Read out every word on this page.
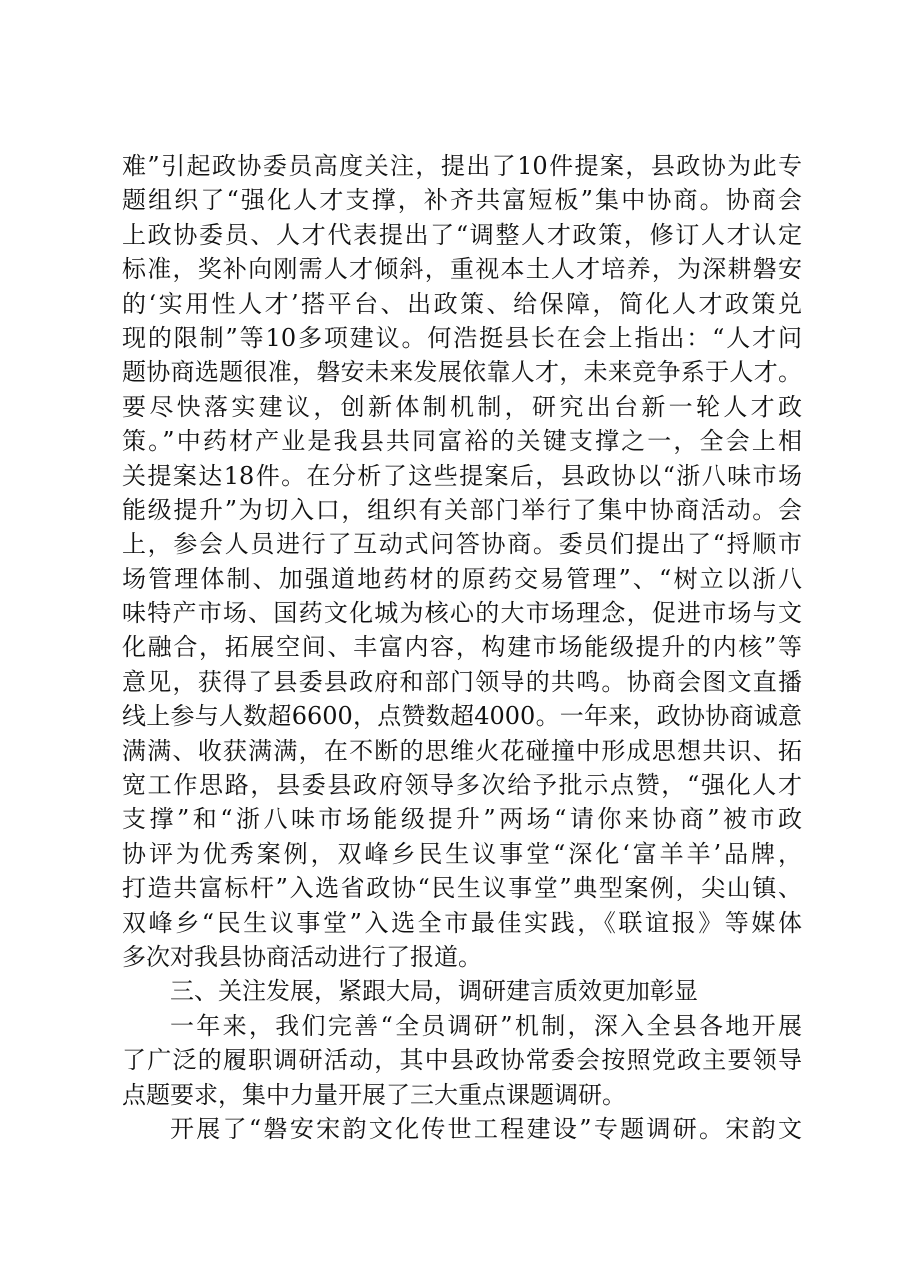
难”引起政协委员高度关注，提出了10件提案，县政协为此专
题组织了“强化人才支撑，补齐共富短板”集中协商。协商会
上政协委员、人才代表提出了“调整人才政策，修订人才认定
标准，奖补向刚需人才倾斜，重视本土人才培养，为深耕磐安
的‘实用性人才’搭平台、出政策、给保障，简化人才政策兑
现的限制”等10多项建议。何浩挺县长在会上指出：“人才问
题协商选题很准，磐安未来发展依靠人才，未来竞争系于人才。
要尽快落实建议，创新体制机制，研究出台新一轮人才政
策。”中药材产业是我县共同富裕的关键支撑之一，全会上相
关提案达18件。在分析了这些提案后，县政协以“浙八味市场
能级提升”为切入口，组织有关部门举行了集中协商活动。会
上，参会人员进行了互动式问答协商。委员们提出了“捋顺市
场管理体制、加强道地药材的原药交易管理”、“树立以浙八
味特产市场、国药文化城为核心的大市场理念，促进市场与文
化融合，拓展空间、丰富内容，构建市场能级提升的内核”等
意见，获得了县委县政府和部门领导的共鸣。协商会图文直播
线上参与人数超6600，点赞数超4000。一年来，政协协商诚意
满满、收获满满，在不断的思维火花碰撞中形成思想共识、拓
宽工作思路，县委县政府领导多次给予批示点赞，“强化人才
支撑”和“浙八味市场能级提升”两场“请你来协商”被市政
协评为优秀案例，双峰乡民生议事堂“深化‘富羊羊’品牌，
打造共富标杆”入选省政协“民生议事堂”典型案例，尖山镇、
双峰乡“民生议事堂”入选全市最佳实践，《联谊报》等媒体
多次对我县协商活动进行了报道。
三、关注发展，紧跟大局，调研建言质效更加彰显
一年来，我们完善“全员调研”机制，深入全县各地开展
了广泛的履职调研活动，其中县政协常委会按照党政主要领导
点题要求，集中力量开展了三大重点课题调研。
开展了“磐安宋韵文化传世工程建设”专题调研。宋韵文
